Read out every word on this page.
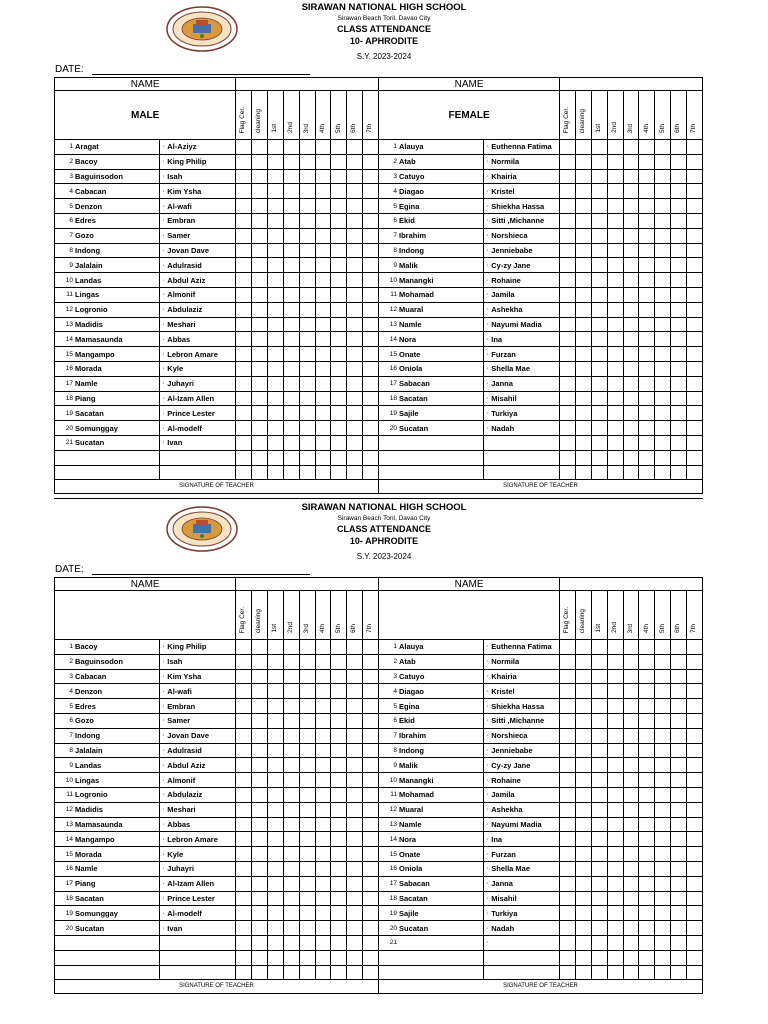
SIRAWAN NATIONAL HIGH SCHOOL
Sirawan Beach Toril, Davao City
CLASS ATTENDANCE
10- APHRODITE
S.Y. 2023-2024
DATE:
NAME													NAME												
MALE				Flag Cer.	cleaning	1st	2nd	3rd	4th	5th	6th	7th	FEMALE				Flag Cer.	cleaning	1st	2nd	3rd	4th	5th	6th	7th
1	Aragat	·	Al-Aziyz										1	Alauya	·	Euthenna Fatima									
2	Bacoy	·	King Philip										2	Atab	·	Normila									
3	Baguinsodon	·	Isah										3	Catuyo	·	Khairia									
4	Cabacan	·	Kim Ysha										4	Diagao	·	Kristel									
5	Denzon	·	Al-wafi										5	Egina	·	Shiekha Hassa									
6	Edres	·	Embran										6	Ekid	·	Sitti ,Michanne									
7	Gozo	·	Samer										7	Ibrahim	·	Norshieca									
8	Indong	·	Jovan Dave										8	Indong	·	Jenniebabe									
9	Jalalain	·	Adulrasid										9	Malik	·	Cy-zy Jane									
10	Landas	·	Abdul Aziz										10	Manangki	·	Rohaine									
11	Lingas	·	Almonif										11	Mohamad	·	Jamila									
12	Logronio	·	Abdulaziz										12	Muaral	·	Ashekha									
13	Madidis	·	Meshari										13	Namle	·	Nayumi Madia									
14	Mamasaunda	·	Abbas										14	Nora	·	Ina									
15	Mangampo	·	Lebron Amare										15	Onate	·	Furzan									
16	Morada	·	Kyle										16	Oniola	·	Shella Mae									
17	Namle	·	Juhayri										17	Sabacan	·	Janna									
18	Piang	·	Al-Izam Allen										18	Sacatan	·	Misahil									
19	Sacatan	·	Prince Lester										19	Sajile	·	Turkiya									
20	Somunggay	·	Al-modelf										20	Sucatan	·	Nadah									
21	Sucatan	·	Ivan																						

SIGNATURE OF TEACHER													SIGNATURE OF TEACHER												
SIRAWAN NATIONAL HIGH SCHOOL
Sirawan Beach Toril, Davao City
CLASS ATTENDANCE
10- APHRODITE
S.Y. 2023-2024
DATE:
NAME													NAME												
				Flag Cer.	cleaning	1st	2nd	3rd	4th	5th	6th	7th					Flag Cer.	cleaning	1st	2nd	3rd	4th	5th	6th	7th
1	Bacoy	·	King Philip										1	Alauya	·	Euthenna Fatima									
2	Baguinsodon	·	Isah										2	Atab	·	Normila									
3	Cabacan	·	Kim Ysha										3	Catuyo	·	Khairia									
4	Denzon	·	Al-wafi										4	Diagao	·	Kristel									
5	Edres	·	Embran										5	Egina	·	Shiekha Hassa									
6	Gozo	·	Samer										6	Ekid	·	Sitti ,Michanne									
7	Indong	·	Jovan Dave										7	Ibrahim	·	Norshieca									
8	Jalalain	·	Adulrasid										8	Indong	·	Jenniebabe									
9	Landas	·	Abdul Aziz										9	Malik	·	Cy-zy Jane									
10	Lingas	·	Almonif										10	Manangki	·	Rohaine									
11	Logronio	·	Abdulaziz										11	Mohamad	·	Jamila									
12	Madidis	·	Meshari										12	Muaral	·	Ashekha									
13	Mamasaunda	·	Abbas										13	Namle	·	Nayumi Madia									
14	Mangampo	·	Lebron Amare										14	Nora	·	Ina									
15	Morada	·	Kyle										15	Onate	·	Furzan									
16	Namle	·	Juhayri										16	Oniola	·	Shella Mae									
17	Piang	·	Al-Izam Allen										17	Sabacan	·	Janna									
18	Sacatan	·	Prince Lester										18	Sacatan	·	Misahil									
19	Somunggay	·	Al-modelf										19	Sajile	·	Turkiya									
20	Sucatan	·	Ivan										20	Sucatan	·	Nadah									
													21		·										

SIGNATURE OF TEACHER													SIGNATURE OF TEACHER												
